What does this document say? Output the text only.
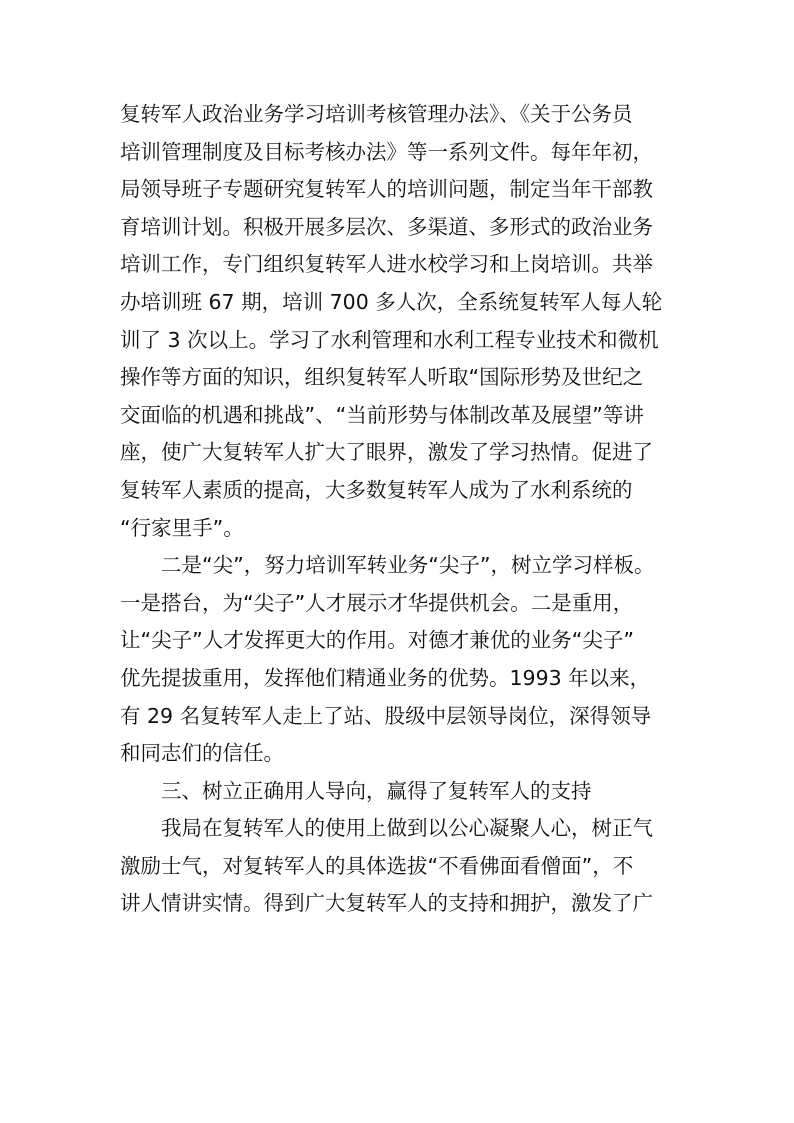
复转军人政治业务学习培训考核管理办法》、《关于公务员
培训管理制度及目标考核办法》等一系列文件。每年年初，
局领导班子专题研究复转军人的培训问题，制定当年干部教
育培训计划。积极开展多层次、多渠道、多形式的政治业务
培训工作，专门组织复转军人进水校学习和上岗培训。共举
办培训班 67 期，培训 700 多人次，全系统复转军人每人轮
训了 3 次以上。学习了水利管理和水利工程专业技术和微机
操作等方面的知识，组织复转军人听取“国际形势及世纪之
交面临的机遇和挑战”、“当前形势与体制改革及展望”等讲
座，使广大复转军人扩大了眼界，激发了学习热情。促进了
复转军人素质的提高，大多数复转军人成为了水利系统的
“行家里手”。
二是“尖”，努力培训军转业务“尖子”，树立学习样板。
一是搭台，为“尖子”人才展示才华提供机会。二是重用，
让“尖子”人才发挥更大的作用。对德才兼优的业务“尖子”
优先提拔重用，发挥他们精通业务的优势。1993 年以来，
有 29 名复转军人走上了站、股级中层领导岗位，深得领导
和同志们的信任。
三、树立正确用人导向，赢得了复转军人的支持
我局在复转军人的使用上做到以公心凝聚人心，树正气
激励士气，对复转军人的具体选拔“不看佛面看僧面”，不
讲人情讲实情。得到广大复转军人的支持和拥护，激发了广
